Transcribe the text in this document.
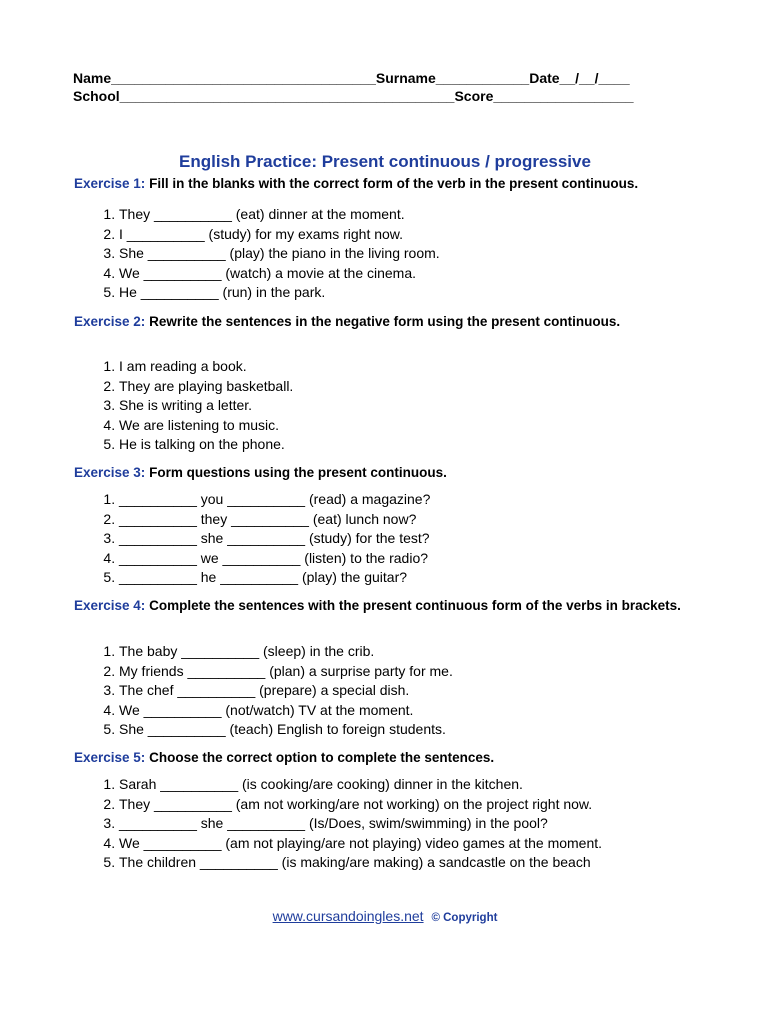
Name__________________________________Surname____________Date__/__/____
School___________________________________________Score__________________
English Practice: Present continuous / progressive
Exercise 1: Fill in the blanks with the correct form of the verb in the present continuous.
1. They __________ (eat) dinner at the moment.
2. I __________ (study) for my exams right now.
3. She __________ (play) the piano in the living room.
4. We __________ (watch) a movie at the cinema.
5. He __________ (run) in the park.
Exercise 2: Rewrite the sentences in the negative form using the present continuous.
1. I am reading a book.
2. They are playing basketball.
3. She is writing a letter.
4. We are listening to music.
5. He is talking on the phone.
Exercise 3: Form questions using the present continuous.
1. __________ you __________ (read) a magazine?
2. __________ they __________ (eat) lunch now?
3. __________ she __________ (study) for the test?
4. __________ we __________ (listen) to the radio?
5. __________ he __________ (play) the guitar?
Exercise 4: Complete the sentences with the present continuous form of the verbs in brackets.
1. The baby __________ (sleep) in the crib.
2. My friends __________ (plan) a surprise party for me.
3. The chef __________ (prepare) a special dish.
4. We __________ (not/watch) TV at the moment.
5. She __________ (teach) English to foreign students.
Exercise 5: Choose the correct option to complete the sentences.
1. Sarah __________ (is cooking/are cooking) dinner in the kitchen.
2. They __________ (am not working/are not working) on the project right now.
3. __________ she __________ (Is/Does, swim/swimming) in the pool?
4. We __________ (am not playing/are not playing) video games at the moment.
5. The children __________ (is making/are making) a sandcastle on the beach
www.cursandoingles.net © Copyright
